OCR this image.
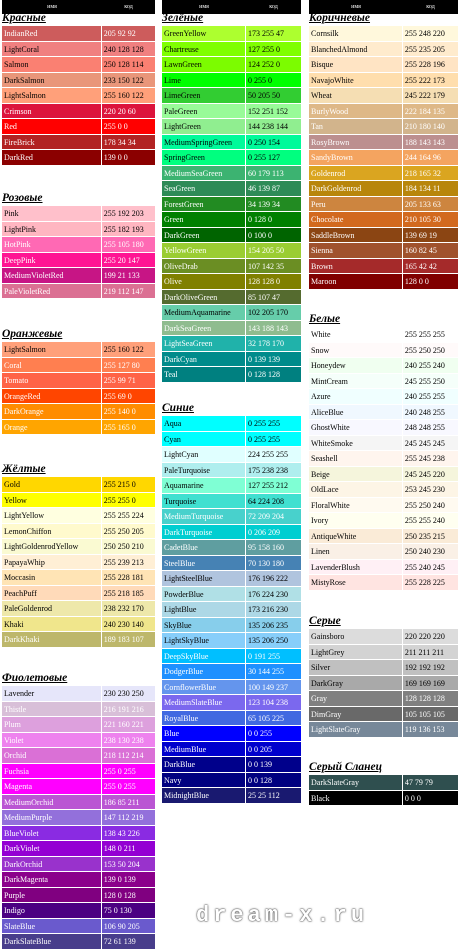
имя	код
Красные
IndianRed	205 92 92
LightCoral	240 128 128
Salmon	250 128 114
DarkSalmon	233 150 122
LightSalmon	255 160 122
Crimson	220 20 60
Red	255 0 0
FireBrick	178 34 34
DarkRed	139 0 0
Розовые
Pink	255 192 203
LightPink	255 182 193
HotPink	255 105 180
DeepPink	255 20 147
MediumVioletRed	199 21 133
PaleVioletRed	219 112 147
Оранжевые
LightSalmon	255 160 122
Coral	255 127 80
Tomato	255 99 71
OrangeRed	255 69 0
DarkOrange	255 140 0
Orange	255 165 0
Жёлтые
Gold	255 215 0
Yellow	255 255 0
LightYellow	255 255 224
LemonChiffon	255 250 205
LightGoldenrodYellow	250 250 210
PapayaWhip	255 239 213
Moccasin	255 228 181
PeachPuff	255 218 185
PaleGoldenrod	238 232 170
Khaki	240 230 140
DarkKhaki	189 183 107
Фиолетовые
Lavender	230 230 250
Thistle	216 191 216
Plum	221 160 221
Violet	238 130 238
Orchid	218 112 214
Fuchsia	255 0 255
Magenta	255 0 255
MediumOrchid	186 85 211
MediumPurple	147 112 219
BlueViolet	138 43 226
DarkViolet	148 0 211
DarkOrchid	153 50 204
DarkMagenta	139 0 139
Purple	128 0 128
Indigo	75 0 130
SlateBlue	106 90 205
DarkSlateBlue	72 61 139
имя	код
Зелёные
GreenYellow	173 255 47
Chartreuse	127 255 0
LawnGreen	124 252 0
Lime	0 255 0
LimeGreen	50 205 50
PaleGreen	152 251 152
LightGreen	144 238 144
MediumSpringGreen	0 250 154
SpringGreen	0 255 127
MediumSeaGreen	60 179 113
SeaGreen	46 139 87
ForestGreen	34 139 34
Green	0 128 0
DarkGreen	0 100 0
YellowGreen	154 205 50
OliveDrab	107 142 35
Olive	128 128 0
DarkOliveGreen	85 107 47
MediumAquamarine	102 205 170
DarkSeaGreen	143 188 143
LightSeaGreen	32 178 170
DarkCyan	0 139 139
Teal	0 128 128
Синие
Aqua	0 255 255
Cyan	0 255 255
LightCyan	224 255 255
PaleTurquoise	175 238 238
Aquamarine	127 255 212
Turquoise	64 224 208
MediumTurquoise	72 209 204
DarkTurquoise	0 206 209
CadetBlue	95 158 160
SteelBlue	70 130 180
LightSteelBlue	176 196 222
PowderBlue	176 224 230
LightBlue	173 216 230
SkyBlue	135 206 235
LightSkyBlue	135 206 250
DeepSkyBlue	0 191 255
DodgerBlue	30 144 255
CornflowerBlue	100 149 237
MediumSlateBlue	123 104 238
RoyalBlue	65 105 225
Blue	0 0 255
MediumBlue	0 0 205
DarkBlue	0 0 139
Navy	0 0 128
MidnightBlue	25 25 112
имя	код
Коричневые
Cornsilk	255 248 220
BlanchedAlmond	255 235 205
Bisque	255 228 196
NavajoWhite	255 222 173
Wheat	245 222 179
BurlyWood	222 184 135
Tan	210 180 140
RosyBrown	188 143 143
SandyBrown	244 164 96
Goldenrod	218 165 32
DarkGoldenrod	184 134 11
Peru	205 133 63
Chocolate	210 105 30
SaddleBrown	139 69 19
Sienna	160 82 45
Brown	165 42 42
Maroon	128 0 0
Белые
White	255 255 255
Snow	255 250 250
Honeydew	240 255 240
MintCream	245 255 250
Azure	240 255 255
AliceBlue	240 248 255
GhostWhite	248 248 255
WhiteSmoke	245 245 245
Seashell	255 245 238
Beige	245 245 220
OldLace	253 245 230
FloralWhite	255 250 240
Ivory	255 255 240
AntiqueWhite	250 235 215
Linen	250 240 230
LavenderBlush	255 240 245
MistyRose	255 228 225
Серые
Gainsboro	220 220 220
LightGrey	211 211 211
Silver	192 192 192
DarkGray	169 169 169
Gray	128 128 128
DimGray	105 105 105
LightSlateGray	119 136 153
Серый Сланец
DarkSlateGray	47 79 79
Black	0 0 0
dream-x.ru
